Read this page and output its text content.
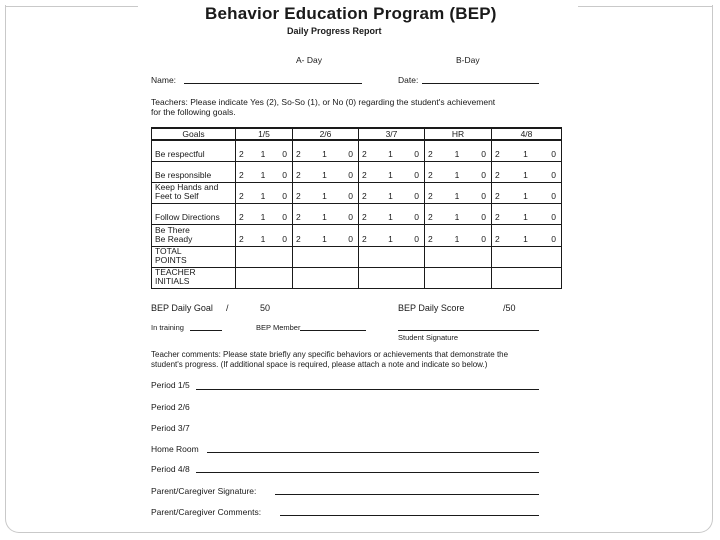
Behavior Education Program (BEP)
Daily Progress Report
A- Day	B-Day
Name:	Date:
Teachers: Please indicate Yes (2), So-So (1), or No (0) regarding the student's achievement
for the following goals.
Goals	1/5	2/6	3/7	HR	4/8
Be respectful	2 1 0	2 1 0	2 1 0	2 1 0	2 1 0

Be responsible	2 1 0	2 1 0	2 1 0	2 1 0	2 1 0

Keep Hands and
Feet to Self	2 1 0	2 1 0	2 1 0	2 1 0	2 1 0

Follow Directions	2 1 0	2 1 0	2 1 0	2 1 0	2 1 0

Be There
Be Ready	2 1 0	2 1 0	2 1 0	2 1 0	2 1 0

TOTAL
POINTS					
TEACHER
INITIALS					
BEP Daily Goal /	50	BEP Daily Score	/50
In training	BEP Member
Student Signature
Teacher comments: Please state briefly any specific behaviors or achievements that demonstrate the
student's progress. (If additional space is required, please attach a note and indicate so below.)
Period 1/5
Period 2/6
Period 3/7
Home Room
Period 4/8
Parent/Caregiver Signature:
Parent/Caregiver Comments:
